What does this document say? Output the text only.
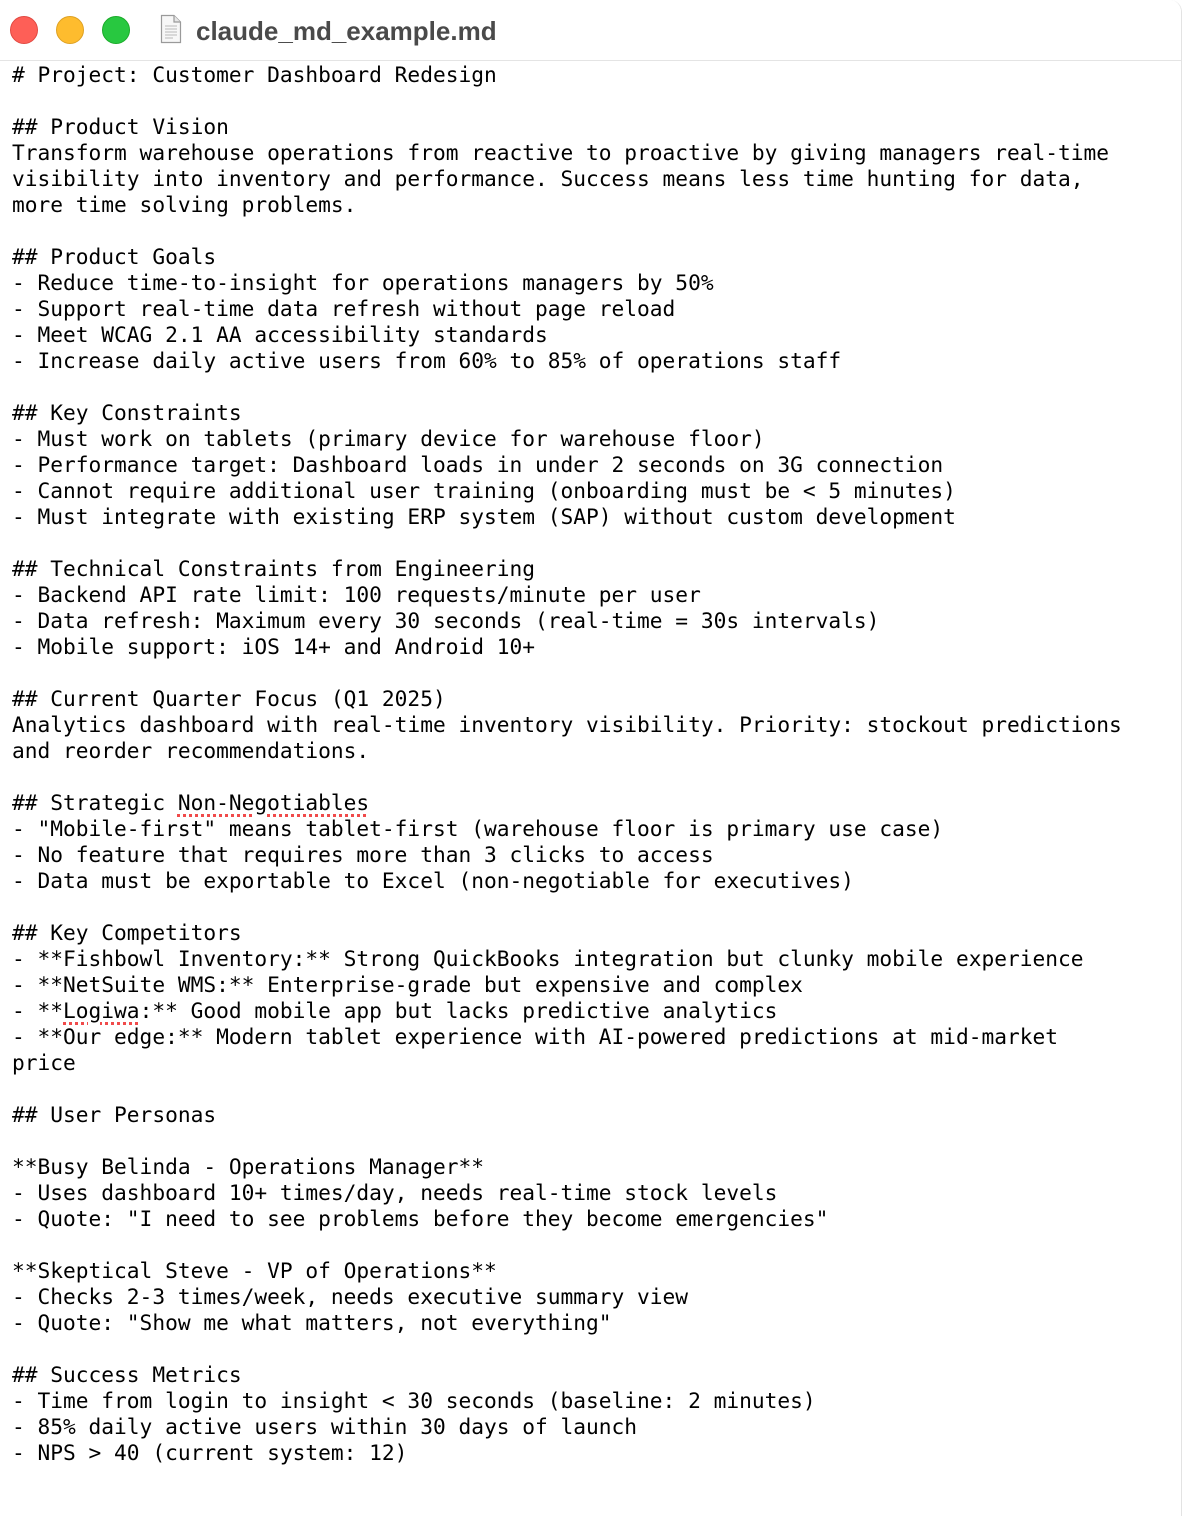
claude_md_example.md
# Project: Customer Dashboard Redesign
## Product Vision
Transform warehouse operations from reactive to proactive by giving managers real-time
visibility into inventory and performance. Success means less time hunting for data,
more time solving problems.
## Product Goals
- Reduce time-to-insight for operations managers by 50%
- Support real-time data refresh without page reload
- Meet WCAG 2.1 AA accessibility standards
- Increase daily active users from 60% to 85% of operations staff
## Key Constraints
- Must work on tablets (primary device for warehouse floor)
- Performance target: Dashboard loads in under 2 seconds on 3G connection
- Cannot require additional user training (onboarding must be < 5 minutes)
- Must integrate with existing ERP system (SAP) without custom development
## Technical Constraints from Engineering
- Backend API rate limit: 100 requests/minute per user
- Data refresh: Maximum every 30 seconds (real-time = 30s intervals)
- Mobile support: iOS 14+ and Android 10+
## Current Quarter Focus (Q1 2025)
Analytics dashboard with real-time inventory visibility. Priority: stockout predictions
and reorder recommendations.
## Strategic Non-Negotiables
- "Mobile-first" means tablet-first (warehouse floor is primary use case)
- No feature that requires more than 3 clicks to access
- Data must be exportable to Excel (non-negotiable for executives)
## Key Competitors
- **Fishbowl Inventory:** Strong QuickBooks integration but clunky mobile experience
- **NetSuite WMS:** Enterprise-grade but expensive and complex
- **Logiwa:** Good mobile app but lacks predictive analytics
- **Our edge:** Modern tablet experience with AI-powered predictions at mid-market
price
## User Personas
**Busy Belinda - Operations Manager**
- Uses dashboard 10+ times/day, needs real-time stock levels
- Quote: "I need to see problems before they become emergencies"
**Skeptical Steve - VP of Operations**
- Checks 2-3 times/week, needs executive summary view
- Quote: "Show me what matters, not everything"
## Success Metrics
- Time from login to insight < 30 seconds (baseline: 2 minutes)
- 85% daily active users within 30 days of launch
- NPS > 40 (current system: 12)
